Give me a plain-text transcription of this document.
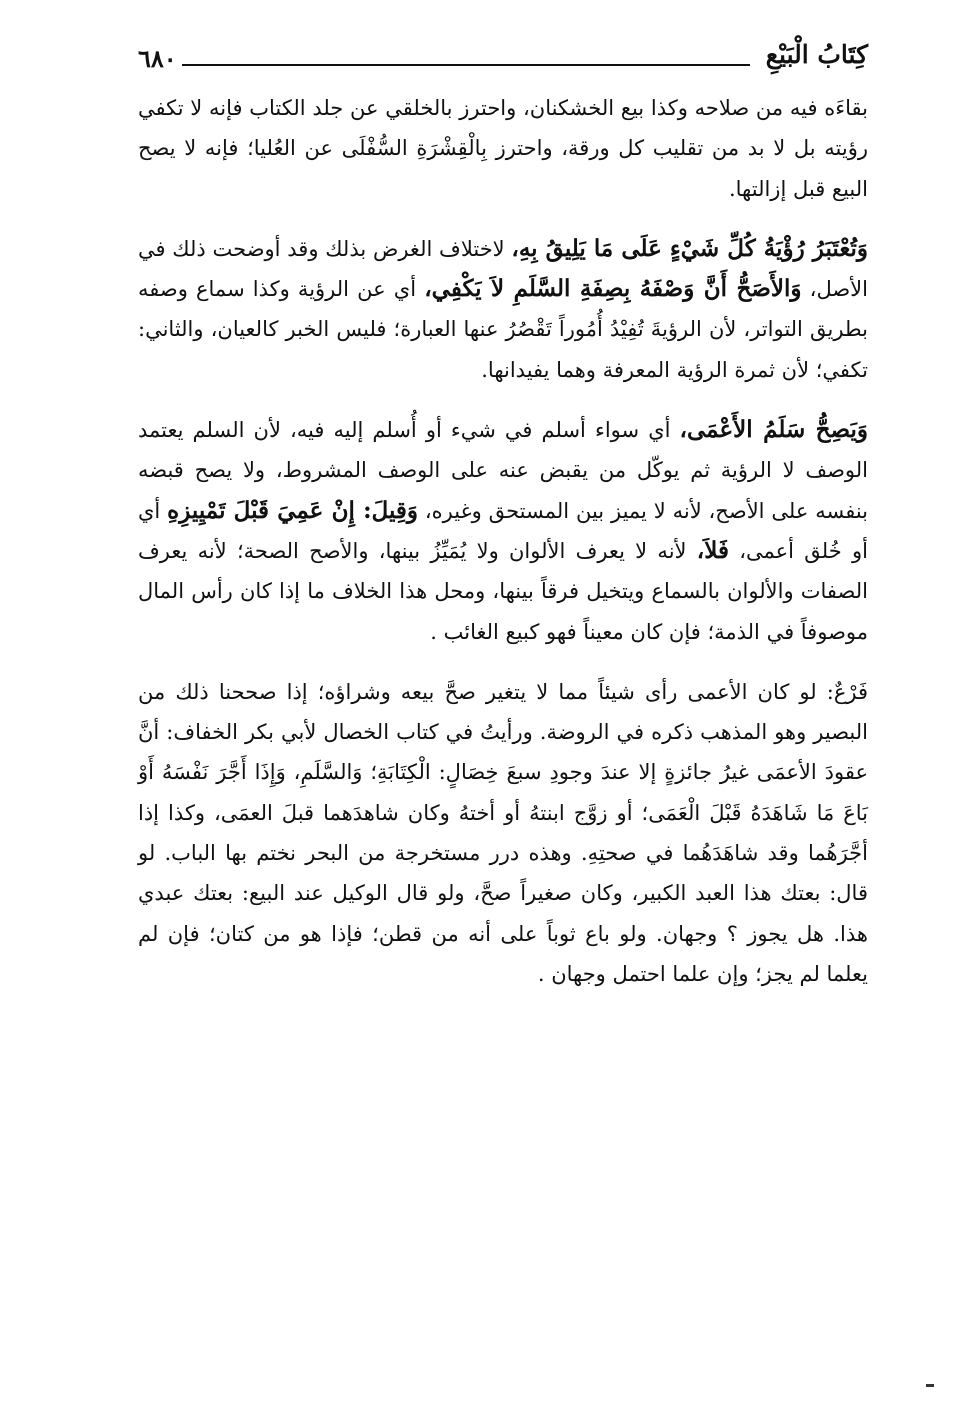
٦٨٠	كِتَابُ الْبَيْعِ

بقاءَه فيه من صلاحه وكذا بيع الخشكنان، واحترز بالخلقي عن جلد الكتاب فإنه لا تكفي رؤيته بل لا بد من تقليب كل ورقة، واحترز بِالْقِشْرَةِ السُّفْلَى عن العُليا؛ فإنه لا يصح البيع قبل إزالتها.

وَتُعْتَبَرُ رُؤْيَةُ كُلِّ شَيْءٍ عَلَى مَا يَلِيقُ بِهِ، لاختلاف الغرض بذلك وقد أوضحت ذلك في الأصل، وَالأَصَحُّ أَنَّ وَصْفَهُ بِصِفَةِ السَّلَمِ لاَ يَكْفِي، أي عن الرؤية وكذا سماع وصفه بطريق التواتر، لأن الرؤيةَ تُفِيْدُ أُمُوراً تَقْصُرُ عنها العبارة؛ فليس الخبر كالعيان، والثاني: تكفي؛ لأن ثمرة الرؤية المعرفة وهما يفيدانها.

وَيَصِحُّ سَلَمُ الأَعْمَى، أي سواء أسلم في شيء أو أُسلم إليه فيه، لأن السلم يعتمد الوصف لا الرؤية ثم يوكّل من يقبض عنه على الوصف المشروط، ولا يصح قبضه بنفسه على الأصح، لأنه لا يميز بين المستحق وغيره، وَقِيلَ: إِنْ عَمِيَ قَبْلَ تَمْيِيزِهِ أي أو خُلق أعمى، فَلاَ، لأنه لا يعرف الألوان ولا يُمَيِّزُ بينها، والأصح الصحة؛ لأنه يعرف الصفات والألوان بالسماع ويتخيل فرقاً بينها، ومحل هذا الخلاف ما إذا كان رأس المال موصوفاً في الذمة؛ فإن كان معيناً فهو كبيع الغائب .

فَرْعٌ: لو كان الأعمى رأى شيئاً مما لا يتغير صحَّ بيعه وشراؤه؛ إذا صححنا ذلك من البصير وهو المذهب ذكره في الروضة. ورأيتُ في كتاب الخصال لأبي بكر الخفاف: أنَّ عقودَ الأعمَى غيرُ جائزةٍ إلا عندَ وجودِ سبعَ خِصَالٍ: الْكِتَابَةِ؛ وَالسَّلَمِ، وَإِذَا أَجَّرَ نَفْسَهُ أَوْ بَاعَ مَا شَاهَدَهُ قَبْلَ الْعَمَى؛ أو زوَّج ابنتهُ أو أختهُ وكان شاهدَهما قبلَ العمَى، وكذا إذا أجَّرَهُما وقد شاهَدَهُما في صحتِهِ. وهذه درر مستخرجة من البحر نختم بها الباب. لو قال: بعتك هذا العبد الكبير، وكان صغيراً صحَّ، ولو قال الوكيل عند البيع: بعتك عبدي هذا. هل يجوز ؟ وجهان. ولو باع ثوباً على أنه من قطن؛ فإذا هو من كتان؛ فإن لم يعلما لم يجز؛ وإن علما احتمل وجهان .
